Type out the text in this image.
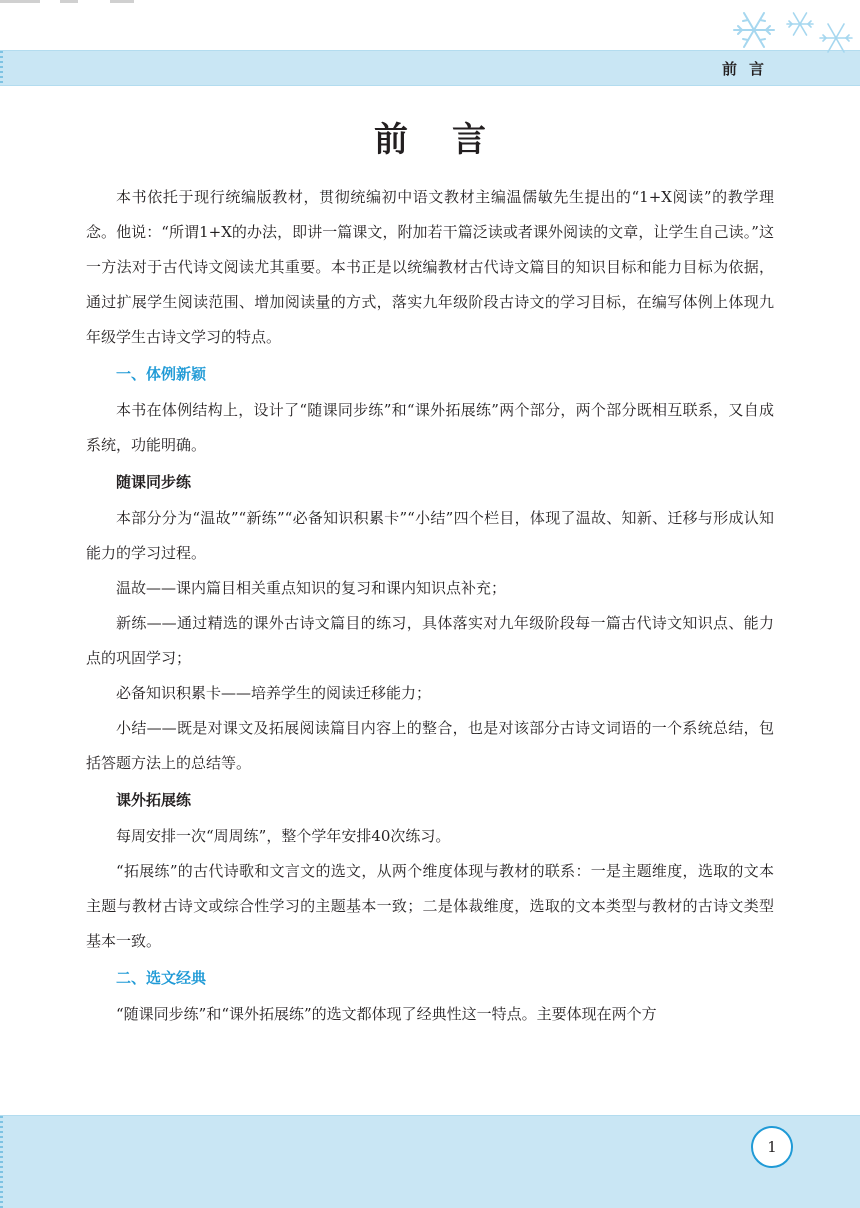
前言
前言

本书依托于现行统编版教材，贯彻统编初中语文教材主编温儒敏先生提出的“1+X阅读”的教学理念。他说：“所谓1+X的办法，即讲一篇课文，附加若干篇泛读或者课外阅读的文章，让学生自己读。”这一方法对于古代诗文阅读尤其重要。本书正是以统编教材古代诗文篇目的知识目标和能力目标为依据，通过扩展学生阅读范围、增加阅读量的方式，落实九年级阶段古诗文的学习目标，在编写体例上体现九年级学生古诗文学习的特点。

一、体例新颖

本书在体例结构上，设计了“随课同步练”和“课外拓展练”两个部分，两个部分既相互联系，又自成系统，功能明确。

随课同步练

本部分分为“温故”“新练”“必备知识积累卡”“小结”四个栏目，体现了温故、知新、迁移与形成认知能力的学习过程。

温故——课内篇目相关重点知识的复习和课内知识点补充；

新练——通过精选的课外古诗文篇目的练习，具体落实对九年级阶段每一篇古代诗文知识点、能力点的巩固学习；

必备知识积累卡——培养学生的阅读迁移能力；

小结——既是对课文及拓展阅读篇目内容上的整合，也是对该部分古诗文词语的一个系统总结，包括答题方法上的总结等。

课外拓展练

每周安排一次“周周练”，整个学年安排40次练习。

“拓展练”的古代诗歌和文言文的选文，从两个维度体现与教材的联系：一是主题维度，选取的文本主题与教材古诗文或综合性学习的主题基本一致；二是体裁维度，选取的文本类型与教材的古诗文类型基本一致。

二、选文经典

“随课同步练”和“课外拓展练”的选文都体现了经典性这一特点。主要体现在两个方

1
